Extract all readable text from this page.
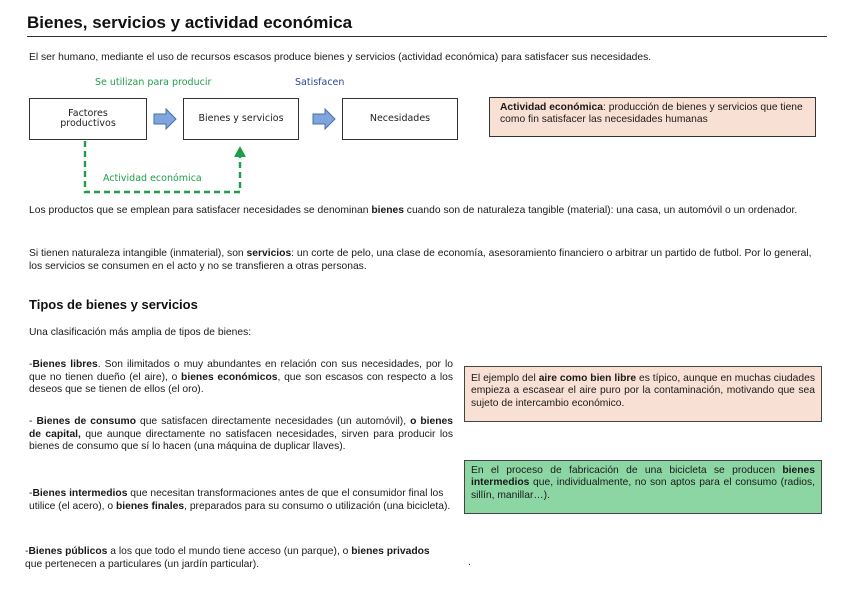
Bienes, servicios y actividad económica
El ser humano, mediante el uso de recursos escasos produce bienes y servicios (actividad económica) para satisfacer sus necesidades.
Se utilizan para producir	Satisfacen
Factores
productivos	Bienes y servicios	Necesidades
Actividad económica
Actividad económica: producción de bienes y servicios que tiene como fin satisfacer las necesidades humanas
Los productos que se emplean para satisfacer necesidades se denominan bienes cuando son de naturaleza tangible (material): una casa, un automóvil o un ordenador.
Si tienen naturaleza intangible (inmaterial), son servicios: un corte de pelo, una clase de economía, asesoramiento financiero o arbitrar un partido de futbol. Por lo general, los servicios se consumen en el acto y no se transfieren a otras personas.
Tipos de bienes y servicios
Una clasificación más amplia de tipos de bienes:
-Bienes libres. Son ilimitados o muy abundantes en relación con sus necesidades, por lo que no tienen dueño (el aire), o bienes económicos, que son escasos con respecto a los deseos que se tienen de ellos (el oro).
- Bienes de consumo que satisfacen directamente necesidades (un automóvil), o bienes de capital, que aunque directamente no satisfacen necesidades, sirven para producir los bienes de consumo que sí lo hacen (una máquina de duplicar llaves).
-Bienes intermedios que necesitan transformaciones antes de que el consumidor final los utilice (el acero), o bienes finales, preparados para su consumo o utilización (una bicicleta).
-Bienes públicos a los que todo el mundo tiene acceso (un parque), o bienes privados que pertenecen a particulares (un jardín particular).
El ejemplo del aire como bien libre es típico, aunque en muchas ciudades empieza a escasear el aire puro por la contaminación, motivando que sea sujeto de intercambio económico.
En el proceso de fabricación de una bicicleta se producen bienes intermedios que, individualmente, no son aptos para el consumo (radios, sillín, manillar…).
.
